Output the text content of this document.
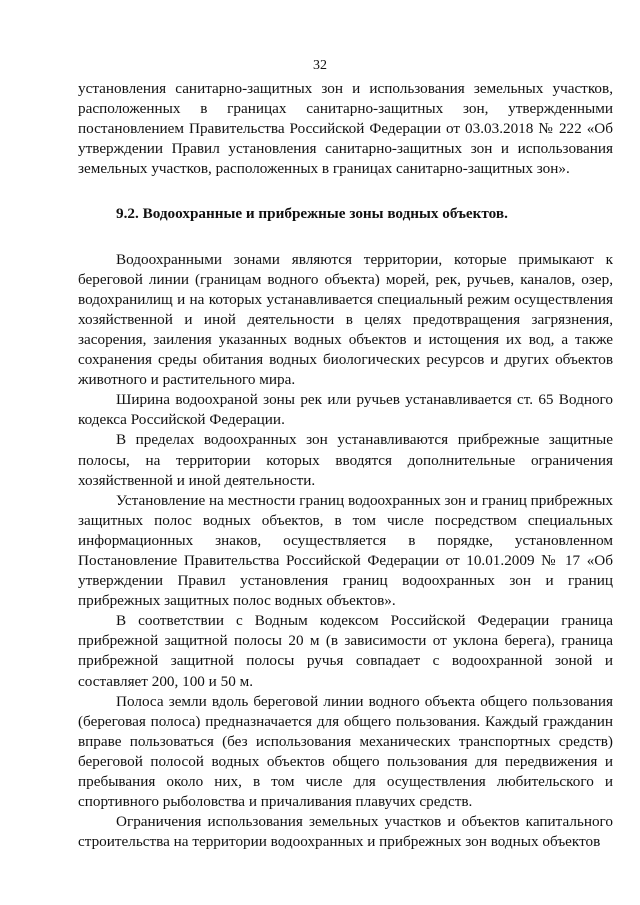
32

установления санитарно-защитных зон и использования земельных участков, расположенных в границах санитарно-защитных зон, утвержденными постановлением Правительства Российской Федерации от 03.03.2018 № 222 «Об утверждении Правил установления санитарно-защитных зон и использования земельных участков, расположенных в границах санитарно-защитных зон».

9.2. Водоохранные и прибрежные зоны водных объектов.

Водоохранными зонами являются территории, которые примыкают к береговой линии (границам водного объекта) морей, рек, ручьев, каналов, озер, водохранилищ и на которых устанавливается специальный режим осуществления хозяйственной и иной деятельности в целях предотвращения загрязнения, засорения, заиления указанных водных объектов и истощения их вод, а также сохранения среды обитания водных биологических ресурсов и других объектов животного и растительного мира.

Ширина водоохраной зоны рек или ручьев устанавливается ст. 65 Водного кодекса Российской Федерации.

В пределах водоохранных зон устанавливаются прибрежные защитные полосы, на территории которых вводятся дополнительные ограничения хозяйственной и иной деятельности.

Установление на местности границ водоохранных зон и границ прибрежных защитных полос водных объектов, в том числе посредством специальных информационных знаков, осуществляется в порядке, установленном Постановление Правительства Российской Федерации от 10.01.2009 № 17 «Об утверждении Правил установления границ водоохранных зон и границ прибрежных защитных полос водных объектов».

В соответствии с Водным кодексом Российской Федерации граница прибрежной защитной полосы 20 м (в зависимости от уклона берега), граница прибрежной защитной полосы ручья совпадает с водоохранной зоной и составляет 200, 100 и 50 м.

Полоса земли вдоль береговой линии водного объекта общего пользования (береговая полоса) предназначается для общего пользования. Каждый гражданин вправе пользоваться (без использования механических транспортных средств) береговой полосой водных объектов общего пользования для передвижения и пребывания около них, в том числе для осуществления любительского и спортивного рыболовства и причаливания плавучих средств.

Ограничения использования земельных участков и объектов капитального строительства на территории водоохранных и прибрежных зон водных объектов
